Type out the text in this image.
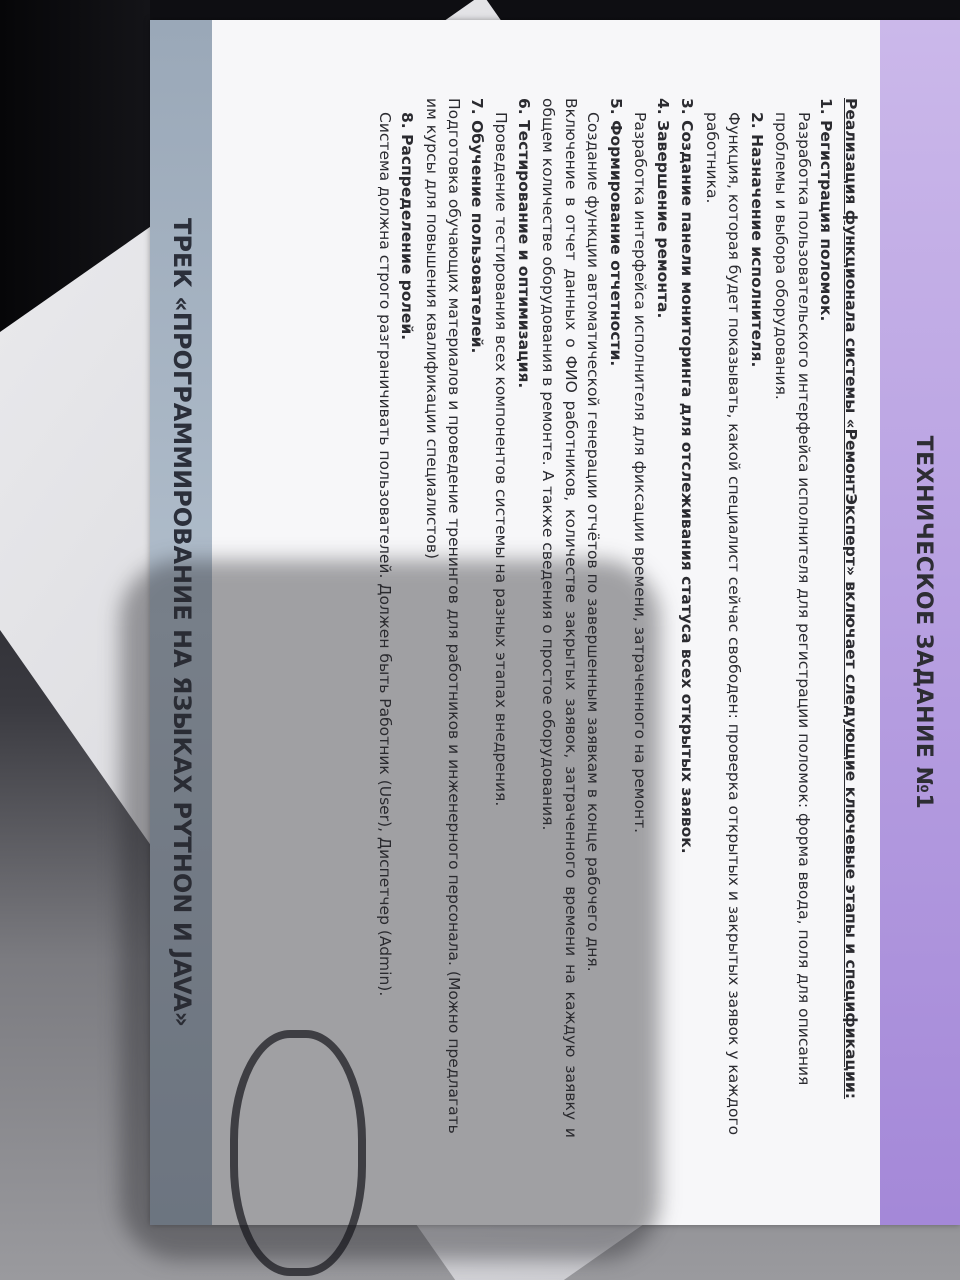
ТЕХНИЧЕСКОЕ ЗАДАНИЕ №1
Реализация функционала системы «РемонтЭксперт» включает следующие ключевые этапы и спецификации:
1. Регистрация поломок.
Разработка пользовательского интерфейса исполнителя для регистрации поломок: форма ввода, поля для описания проблемы и выбора оборудования.
2. Назначение исполнителя.
Функция, которая будет показывать, какой специалист сейчас свободен: проверка открытых и закрытых заявок у каждого работника.
3. Создание панели мониторинга для отслеживания статуса всех открытых заявок.
4. Завершение ремонта.
Разработка интерфейса исполнителя для фиксации времени, затраченного на ремонт.
5. Формирование отчетности.
Создание функции автоматической генерации отчётов по завершенным заявкам в конце рабочего дня.
Включение в отчет данных о ФИО работников, количестве закрытых заявок, затраченного времени на каждую заявку и общем количестве оборудования в ремонте. А также сведения о простое оборудования.
6. Тестирование и оптимизация.
Проведение тестирования всех компонентов системы на разных этапах внедрения.
7. Обучение пользователей.
Подготовка обучающих материалов и проведение тренингов для работников и инженерного персонала. (Можно предлагать им курсы для повышения квалификации специалистов)
8. Распределение ролей.
Система должна строго разграничивать пользователей. Должен быть Работник (User), Диспетчер (Admin).
ТРЕК «ПРОГРАММИРОВАНИЕ НА ЯЗЫКАХ PYTHON И JAVA»
